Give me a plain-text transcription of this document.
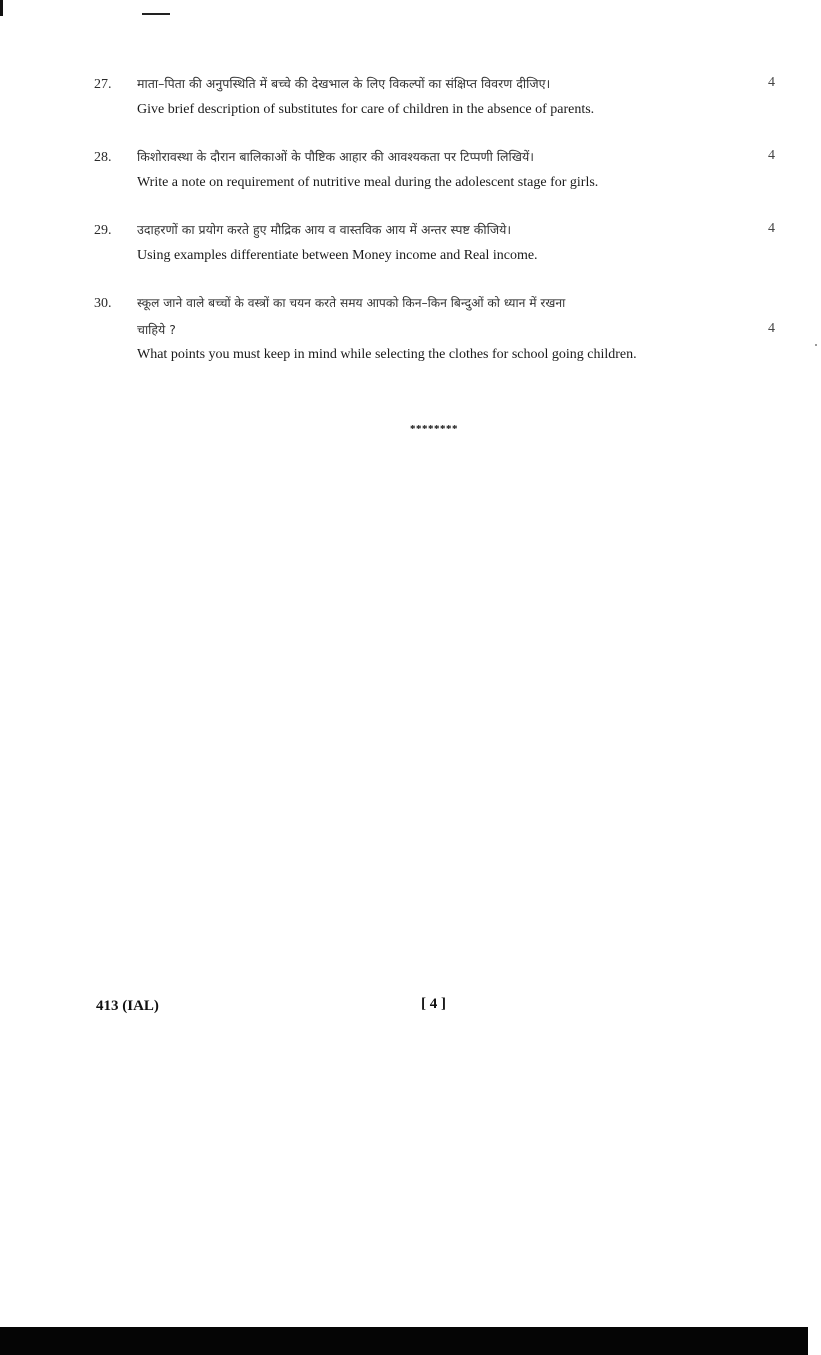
27. माता–पिता की अनुपस्थिति में बच्चे की देखभाल के लिए विकल्पों का संक्षिप्त विवरण दीजिए।	4
Give brief description of substitutes for care of children in the absence of parents.
28. किशोरावस्था के दौरान बालिकाओं के पौष्टिक आहार की आवश्यकता पर टिप्पणी लिखियें।	4
Write a note on requirement of nutritive meal during the adolescent stage for girls.
29. उदाहरणों का प्रयोग करते हुए मौद्रिक आय व वास्तविक आय में अन्तर स्पष्ट कीजिये।	4
Using examples differentiate between Money income and Real income.
30. स्कूल जाने वाले बच्चों के वस्त्रों का चयन करते समय आपको किन–किन बिन्दुओं को ध्यान में रखना
चाहिये ?	4
What points you must keep in mind while selecting the clothes for school going children.
********
413 (IAL)	[ 4 ]
